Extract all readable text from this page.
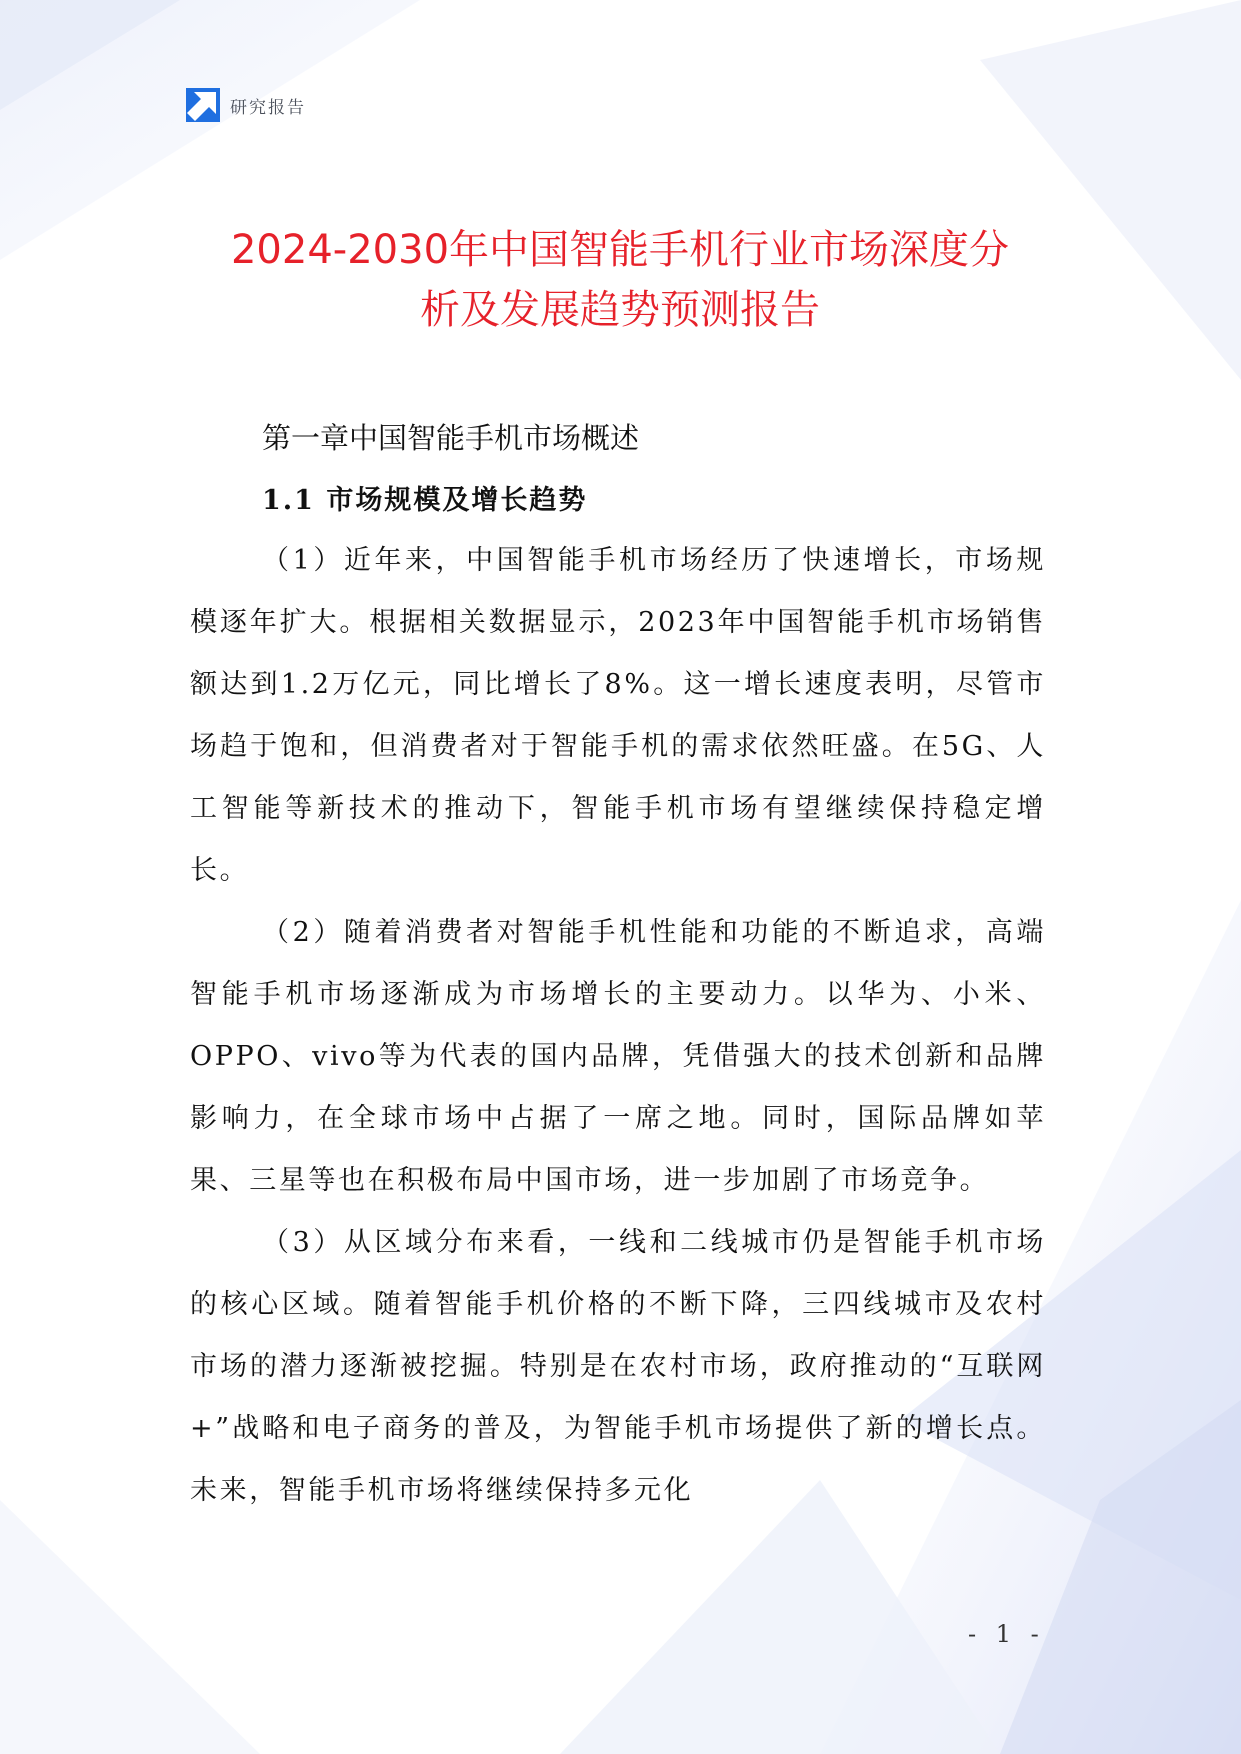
研究报告
2024-2030年中国智能手机行业市场深度分
析及发展趋势预测报告
第一章中国智能手机市场概述
1.1 市场规模及增长趋势

（1）近年来，中国智能手机市场经历了快速增长，市场规模逐年扩大。根据相关数据显示，2023年中国智能手机市场销售额达到1.2万亿元，同比增长了8%。这一增长速度表明，尽管市场趋于饱和，但消费者对于智能手机的需求依然旺盛。在5G、人工智能等新技术的推动下，智能手机市场有望继续保持稳定增长。

（2）随着消费者对智能手机性能和功能的不断追求，高端智能手机市场逐渐成为市场增长的主要动力。以华为、小米、OPPO、vivo等为代表的国内品牌，凭借强大的技术创新和品牌影响力，在全球市场中占据了一席之地。同时，国际品牌如苹果、三星等也在积极布局中国市场，进一步加剧了市场竞争。

（3）从区域分布来看，一线和二线城市仍是智能手机市场的核心区域。随着智能手机价格的不断下降，三四线城市及农村市场的潜力逐渐被挖掘。特别是在农村市场，政府推动的“互联网+”战略和电子商务的普及，为智能手机市场提供了新的增长点。未来，智能手机市场将继续保持多元化

- 1 -
